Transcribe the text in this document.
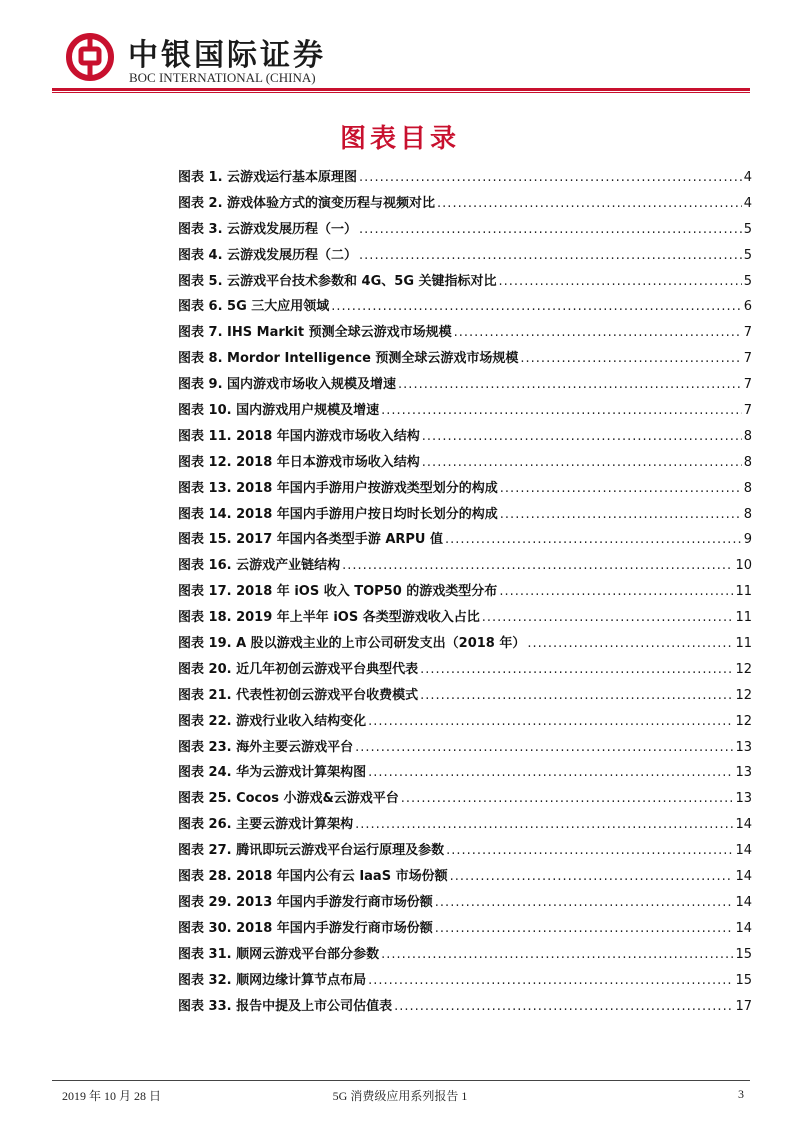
中银国际证券
BOC INTERNATIONAL (CHINA)
图表目录
图表 1. 云游戏运行基本原理图 .....	4
图表 2. 游戏体验方式的演变历程与视频对比 .....	4
图表 3. 云游戏发展历程（一） .....	5
图表 4. 云游戏发展历程（二） .....	5
图表 5. 云游戏平台技术参数和 4G、5G 关键指标对比 .....	5
图表 6. 5G 三大应用领域 .....	6
图表 7. IHS Markit 预测全球云游戏市场规模 .....	7
图表 8. Mordor Intelligence 预测全球云游戏市场规模 .....	7
图表 9. 国内游戏市场收入规模及增速 .....	7
图表 10. 国内游戏用户规模及增速 .....	7
图表 11. 2018 年国内游戏市场收入结构 .....	8
图表 12. 2018 年日本游戏市场收入结构 .....	8
图表 13. 2018 年国内手游用户按游戏类型划分的构成 .....	8
图表 14. 2018 年国内手游用户按日均时长划分的构成 .....	8
图表 15. 2017 年国内各类型手游 ARPU 值 .....	9
图表 16. 云游戏产业链结构 .....	10
图表 17. 2018 年 iOS 收入 TOP50 的游戏类型分布 .....	11
图表 18. 2019 年上半年 iOS 各类型游戏收入占比 .....	11
图表 19. A 股以游戏主业的上市公司研发支出（2018 年） .....	11
图表 20. 近几年初创云游戏平台典型代表 .....	12
图表 21. 代表性初创云游戏平台收费模式 .....	12
图表 22. 游戏行业收入结构变化 .....	12
图表 23. 海外主要云游戏平台 .....	13
图表 24. 华为云游戏计算架构图 .....	13
图表 25. Cocos 小游戏&云游戏平台 .....	13
图表 26. 主要云游戏计算架构 .....	14
图表 27. 腾讯即玩云游戏平台运行原理及参数 .....	14
图表 28. 2018 年国内公有云 IaaS 市场份额 .....	14
图表 29. 2013 年国内手游发行商市场份额 .....	14
图表 30. 2018 年国内手游发行商市场份额 .....	14
图表 31. 顺网云游戏平台部分参数 .....	15
图表 32. 顺网边缘计算节点布局 .....	15
图表 33. 报告中提及上市公司估值表 .....	17
2019 年 10 月 28 日	5G 消费级应用系列报告 1	3
